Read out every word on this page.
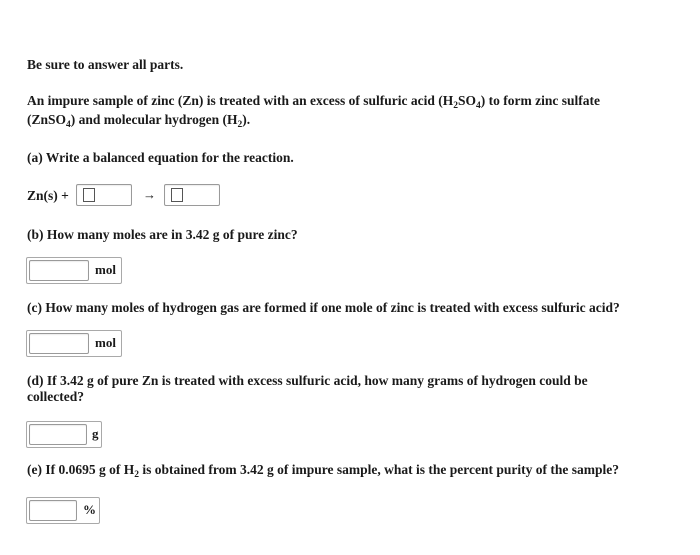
Be sure to answer all parts.
An impure sample of zinc (Zn) is treated with an excess of sulfuric acid $(H_2SO_4)$ to form zinc sulfate
(ZnSO$_4$) and molecular hydrogen $(H_2)$.
(a) Write a balanced equation for the reaction.
Zn(s) +	→
(b) How many moles are in 3.42 g of pure zinc?
mol
(c) How many moles of hydrogen gas are formed if one mole of zinc is treated with excess sulfuric acid?
mol
(d) If 3.42 g of pure Zn is treated with excess sulfuric acid, how many grams of hydrogen could be
collected?
g
(e) If 0.0695 g of $H_2$ is obtained from 3.42 g of impure sample, what is the percent purity of the sample?
%
